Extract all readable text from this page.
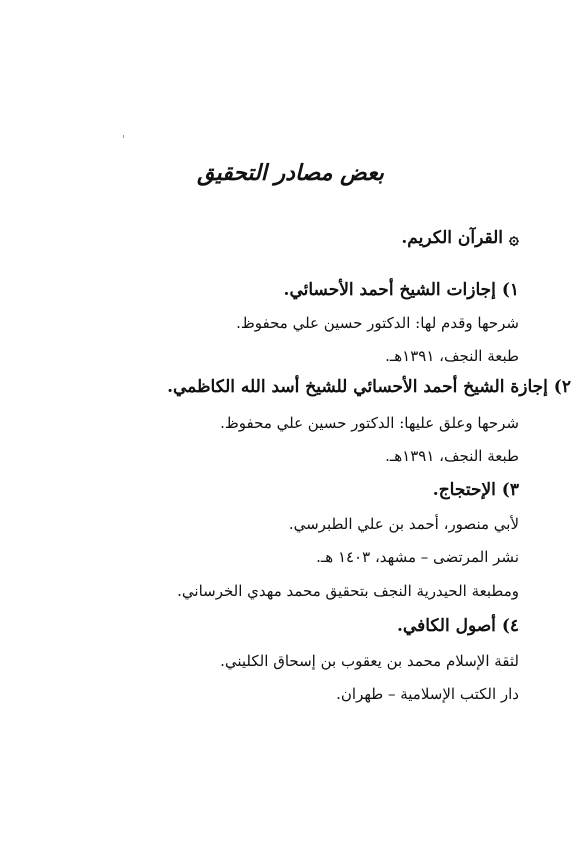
بعض مصادر التحقيق
۞القرآن الكريم.
١) إجازات الشيخ أحمد الأحسائي.
شرحها وقدم لها: الدكتور حسين علي محفوظ.
طبعة النجف، ١٣٩١هـ.
٢) إجازة الشيخ أحمد الأحسائي للشيخ أسد الله الكاظمي.
شرحها وعلق عليها: الدكتور حسين علي محفوظ.
طبعة النجف، ١٣٩١هـ.
٣) الإحتجاج.
لأبي منصور، أحمد بن علي الطبرسي.
نشر المرتضى – مشهد، ١٤٠٣ هـ.
ومطبعة الحيدرية النجف بتحقيق محمد مهدي الخرساني.
٤) أصول الكافي.
لثقة الإسلام محمد بن يعقوب بن إسحاق الكليني.
دار الكتب الإسلامية – طهران.
